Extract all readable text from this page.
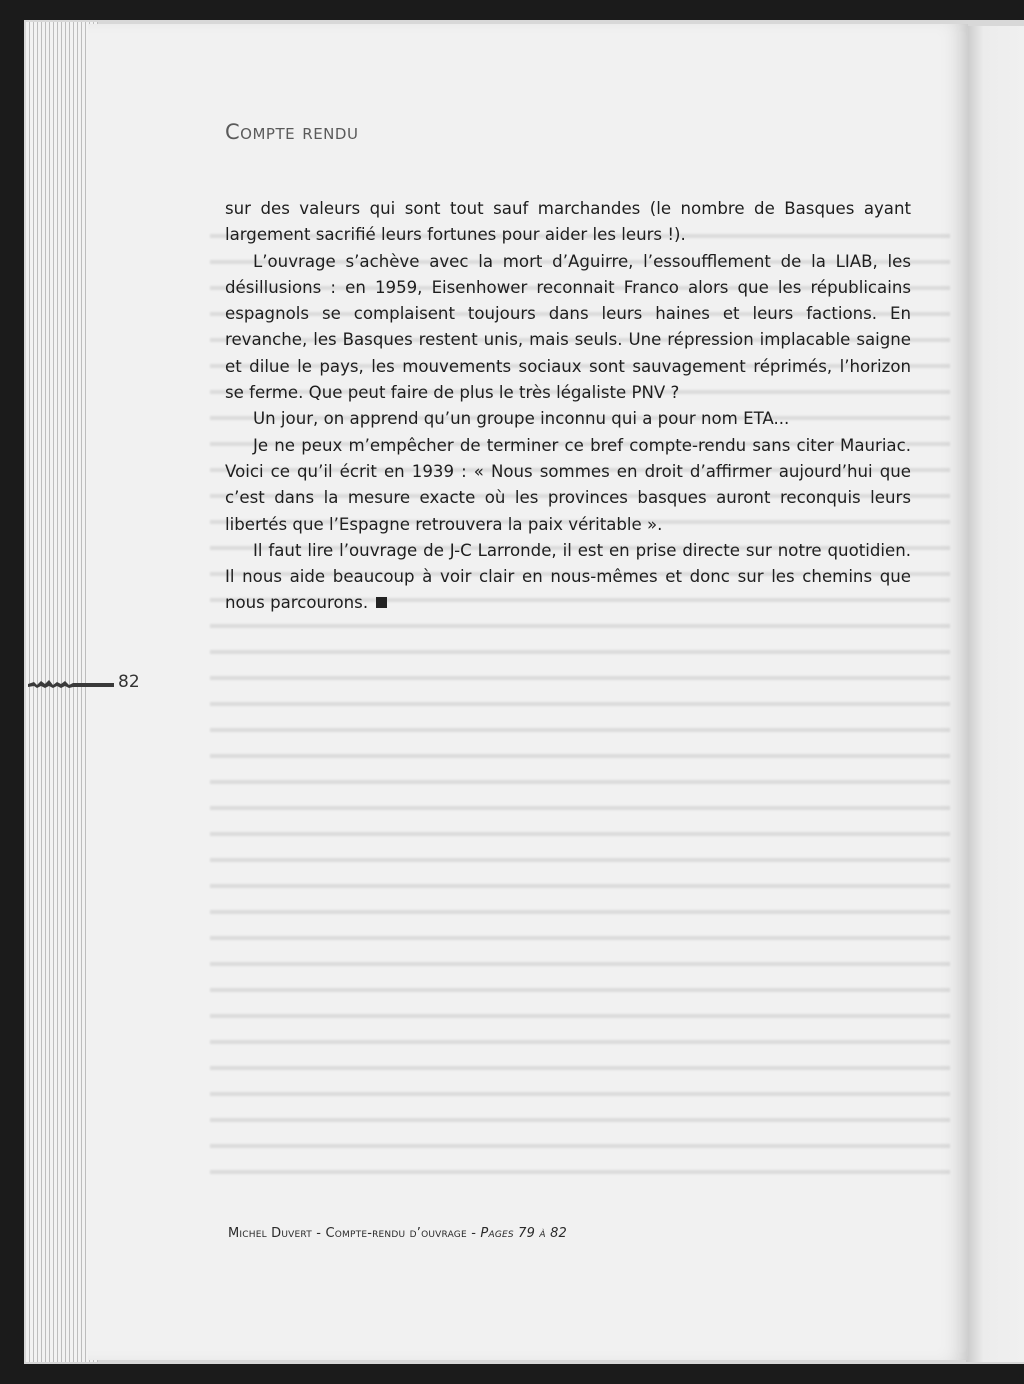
Compte rendu

sur des valeurs qui sont tout sauf marchandes (le nombre de Basques ayant largement sacrifié leurs fortunes pour aider les leurs !).

L’ouvrage s’achève avec la mort d’Aguirre, l’essoufflement de la LIAB, les désillusions : en 1959, Eisenhower reconnait Franco alors que les républicains espagnols se complaisent toujours dans leurs haines et leurs factions. En revanche, les Basques restent unis, mais seuls. Une répression implacable saigne et dilue le pays, les mouvements sociaux sont sauvagement réprimés, l’horizon se ferme. Que peut faire de plus le très légaliste PNV ?

Un jour, on apprend qu’un groupe inconnu qui a pour nom ETA...

Je ne peux m’empêcher de terminer ce bref compte-rendu sans citer Mauriac. Voici ce qu’il écrit en 1939 : « Nous sommes en droit d’affirmer aujourd’hui que c’est dans la mesure exacte où les provinces basques auront reconquis leurs libertés que l’Espagne retrouvera la paix véritable ».

Il faut lire l’ouvrage de J-C Larronde, il est en prise directe sur notre quotidien. Il nous aide beaucoup à voir clair en nous-mêmes et donc sur les chemins que nous parcourons.

82
Michel Duvert - Compte-rendu d’ouvrage - Pages 79 à 82
